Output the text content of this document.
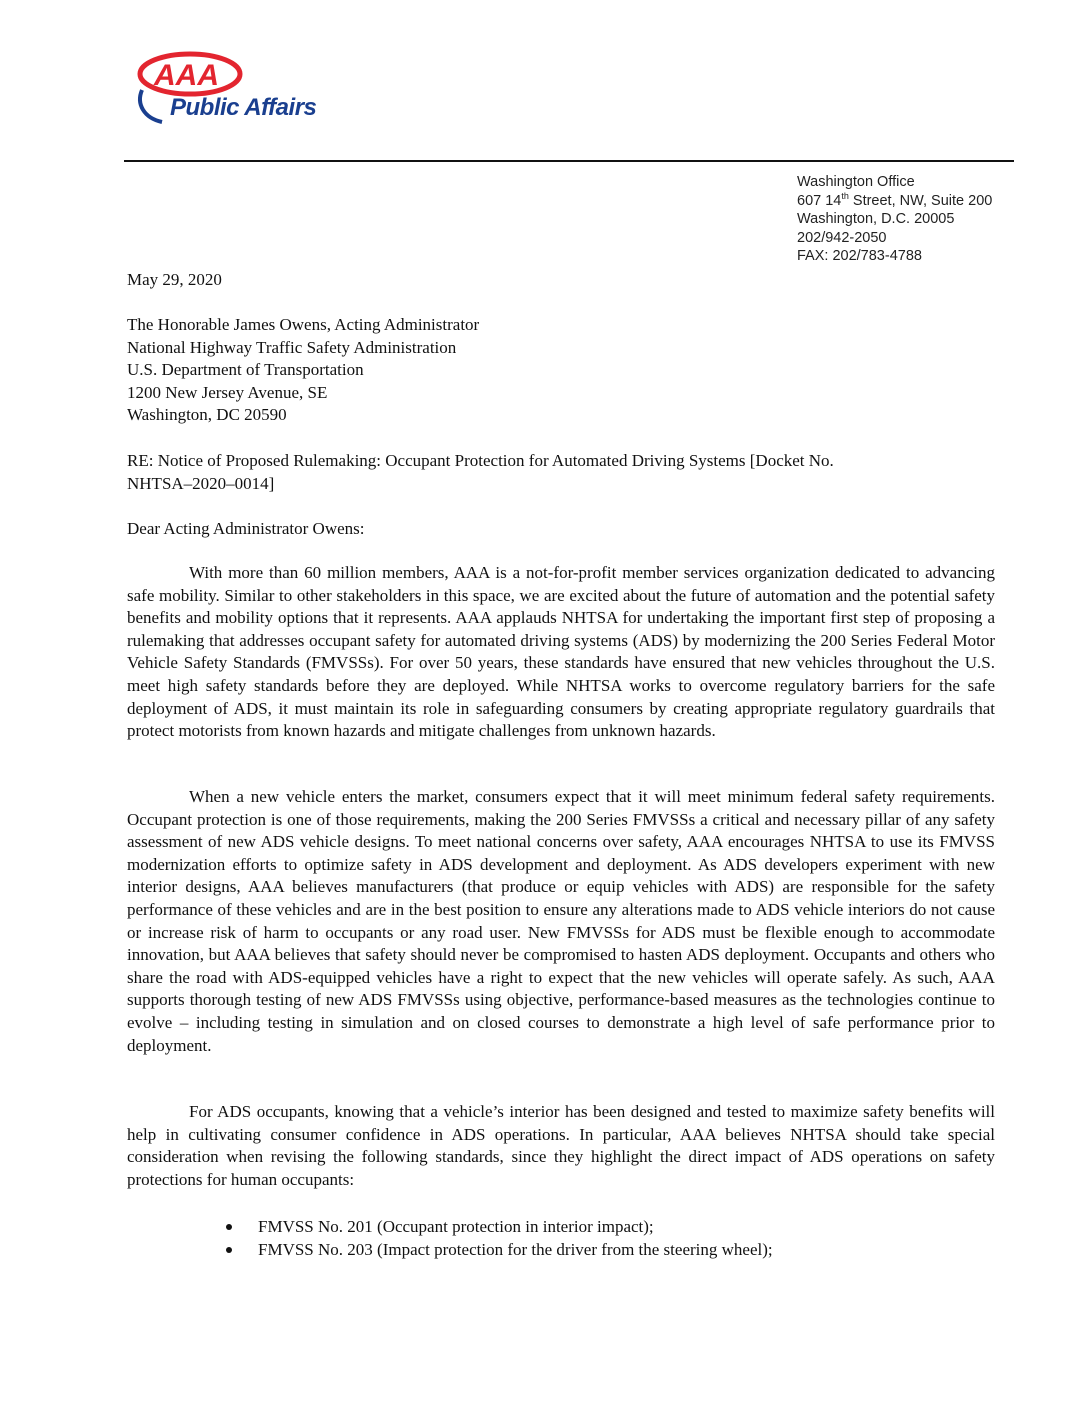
AAA
Public Affairs
Washington Office
607 14th Street, NW, Suite 200
Washington, D.C. 20005
202/942-2050
FAX: 202/783-4788
May 29, 2020
The Honorable James Owens, Acting Administrator
National Highway Traffic Safety Administration
U.S. Department of Transportation
1200 New Jersey Avenue, SE
Washington, DC 20590
RE: Notice of Proposed Rulemaking: Occupant Protection for Automated Driving Systems [Docket No.
NHTSA–2020–0014]
Dear Acting Administrator Owens:
With more than 60 million members, AAA is a not-for-profit member services organization dedicated to advancing safe mobility. Similar to other stakeholders in this space, we are excited about the future of automation and the potential safety benefits and mobility options that it represents. AAA applauds NHTSA for undertaking the important first step of proposing a rulemaking that addresses occupant safety for automated driving systems (ADS) by modernizing the 200 Series Federal Motor Vehicle Safety Standards (FMVSSs). For over 50 years, these standards have ensured that new vehicles throughout the U.S. meet high safety standards before they are deployed. While NHTSA works to overcome regulatory barriers for the safe deployment of ADS, it must maintain its role in safeguarding consumers by creating appropriate regulatory guardrails that protect motorists from known hazards and mitigate challenges from unknown hazards.
When a new vehicle enters the market, consumers expect that it will meet minimum federal safety requirements. Occupant protection is one of those requirements, making the 200 Series FMVSSs a critical and necessary pillar of any safety assessment of new ADS vehicle designs. To meet national concerns over safety, AAA encourages NHTSA to use its FMVSS modernization efforts to optimize safety in ADS development and deployment. As ADS developers experiment with new interior designs, AAA believes manufacturers (that produce or equip vehicles with ADS) are responsible for the safety performance of these vehicles and are in the best position to ensure any alterations made to ADS vehicle interiors do not cause or increase risk of harm to occupants or any road user. New FMVSSs for ADS must be flexible enough to accommodate innovation, but AAA believes that safety should never be compromised to hasten ADS deployment. Occupants and others who share the road with ADS-equipped vehicles have a right to expect that the new vehicles will operate safely. As such, AAA supports thorough testing of new ADS FMVSSs using objective, performance-based measures as the technologies continue to evolve – including testing in simulation and on closed courses to demonstrate a high level of safe performance prior to deployment.
For ADS occupants, knowing that a vehicle’s interior has been designed and tested to maximize safety benefits will help in cultivating consumer confidence in ADS operations. In particular, AAA believes NHTSA should take special consideration when revising the following standards, since they highlight the direct impact of ADS operations on safety protections for human occupants:
FMVSS No. 201 (Occupant protection in interior impact);
FMVSS No. 203 (Impact protection for the driver from the steering wheel);
